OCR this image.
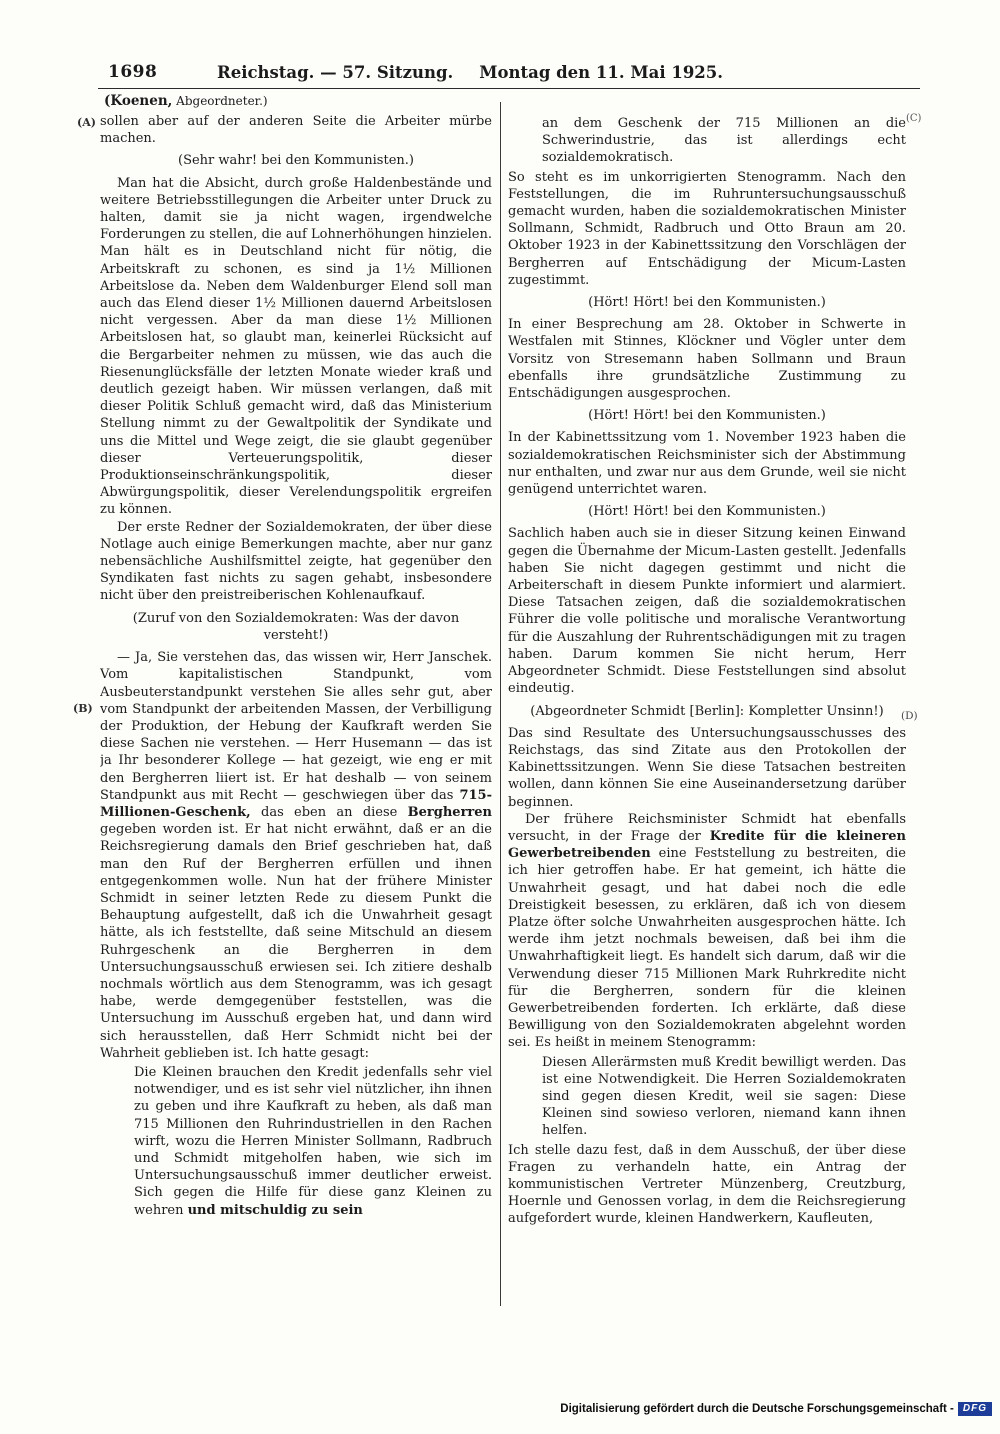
1698	Reichstag. — 57. Sitzung. Montag den 11. Mai 1925.
(Koenen, Abgeordneter.)
(A)
(B)
(C)
(D)

sollen aber auf der anderen Seite die Arbeiter mürbe machen.

(Sehr wahr! bei den Kommunisten.)

Man hat die Absicht, durch große Haldenbestände und weitere Betriebsstillegungen die Arbeiter unter Druck zu halten, damit sie ja nicht wagen, irgendwelche Forderungen zu stellen, die auf Lohnerhöhungen hinzielen. Man hält es in Deutschland nicht für nötig, die Arbeitskraft zu schonen, es sind ja 1½ Millionen Arbeitslose da. Neben dem Waldenburger Elend soll man auch das Elend dieser 1½ Millionen dauernd Arbeitslosen nicht vergessen. Aber da man diese 1½ Millionen Arbeitslosen hat, so glaubt man, keinerlei Rücksicht auf die Bergarbeiter nehmen zu müssen, wie das auch die Riesenunglücksfälle der letzten Monate wieder kraß und deutlich gezeigt haben. Wir müssen verlangen, daß mit dieser Politik Schluß gemacht wird, daß das Ministerium Stellung nimmt zu der Gewaltpolitik der Syndikate und uns die Mittel und Wege zeigt, die sie glaubt gegenüber dieser Verteuerungspolitik, dieser Produktionseinschränkungspolitik, dieser Abwürgungspolitik, dieser Verelendungspolitik ergreifen zu können.

Der erste Redner der Sozialdemokraten, der über diese Notlage auch einige Bemerkungen machte, aber nur ganz nebensächliche Aushilfsmittel zeigte, hat gegenüber den Syndikaten fast nichts zu sagen gehabt, insbesondere nicht über den preistreiberischen Kohlenaufkauf.

(Zuruf von den Sozialdemokraten: Was der davon versteht!)

— Ja, Sie verstehen das, das wissen wir, Herr Janschek. Vom kapitalistischen Standpunkt, vom Ausbeuterstandpunkt verstehen Sie alles sehr gut, aber vom Standpunkt der arbeitenden Massen, der Verbilligung der Produktion, der Hebung der Kaufkraft werden Sie diese Sachen nie verstehen. — Herr Husemann — das ist ja Ihr besonderer Kollege — hat gezeigt, wie eng er mit den Bergherren liiert ist. Er hat deshalb — von seinem Standpunkt aus mit Recht — geschwiegen über das 715-Millionen-Geschenk, das eben an diese Bergherren gegeben worden ist. Er hat nicht erwähnt, daß er an die Reichsregierung damals den Brief geschrieben hat, daß man den Ruf der Bergherren erfüllen und ihnen entgegenkommen wolle. Nun hat der frühere Minister Schmidt in seiner letzten Rede zu diesem Punkt die Behauptung aufgestellt, daß ich die Unwahrheit gesagt hätte, als ich feststellte, daß seine Mitschuld an diesem Ruhrgeschenk an die Bergherren in dem Untersuchungsausschuß erwiesen sei. Ich zitiere deshalb nochmals wörtlich aus dem Stenogramm, was ich gesagt habe, werde demgegenüber feststellen, was die Untersuchung im Ausschuß ergeben hat, und dann wird sich herausstellen, daß Herr Schmidt nicht bei der Wahrheit geblieben ist. Ich hatte gesagt:

Die Kleinen brauchen den Kredit jedenfalls sehr viel notwendiger, und es ist sehr viel nützlicher, ihn ihnen zu geben und ihre Kaufkraft zu heben, als daß man 715 Millionen den Ruhrindustriellen in den Rachen wirft, wozu die Herren Minister Sollmann, Radbruch und Schmidt mitgeholfen haben, wie sich im Untersuchungsausschuß immer deutlicher erweist. Sich gegen die Hilfe für diese ganz Kleinen zu wehren und mitschuldig zu sein

an dem Geschenk der 715 Millionen an die Schwerindustrie, das ist allerdings echt sozialdemokratisch.

So steht es im unkorrigierten Stenogramm. Nach den Feststellungen, die im Ruhruntersuchungsausschuß gemacht wurden, haben die sozialdemokratischen Minister Sollmann, Schmidt, Radbruch und Otto Braun am 20. Oktober 1923 in der Kabinettssitzung den Vorschlägen der Bergherren auf Entschädigung der Micum-Lasten zugestimmt.

(Hört! Hört! bei den Kommunisten.)

In einer Besprechung am 28. Oktober in Schwerte in Westfalen mit Stinnes, Klöckner und Vögler unter dem Vorsitz von Stresemann haben Sollmann und Braun ebenfalls ihre grundsätzliche Zustimmung zu Entschädigungen ausgesprochen.

(Hört! Hört! bei den Kommunisten.)

In der Kabinettssitzung vom 1. November 1923 haben die sozialdemokratischen Reichsminister sich der Abstimmung nur enthalten, und zwar nur aus dem Grunde, weil sie nicht genügend unterrichtet waren.

(Hört! Hört! bei den Kommunisten.)

Sachlich haben auch sie in dieser Sitzung keinen Einwand gegen die Übernahme der Micum-Lasten gestellt. Jedenfalls haben Sie nicht dagegen gestimmt und nicht die Arbeiterschaft in diesem Punkte informiert und alarmiert. Diese Tatsachen zeigen, daß die sozialdemokratischen Führer die volle politische und moralische Verantwortung für die Auszahlung der Ruhrentschädigungen mit zu tragen haben. Darum kommen Sie nicht herum, Herr Abgeordneter Schmidt. Diese Feststellungen sind absolut eindeutig.

(Abgeordneter Schmidt [Berlin]: Kompletter Unsinn!)

Das sind Resultate des Untersuchungsausschusses des Reichstags, das sind Zitate aus den Protokollen der Kabinettssitzungen. Wenn Sie diese Tatsachen bestreiten wollen, dann können Sie eine Auseinandersetzung darüber beginnen.

Der frühere Reichsminister Schmidt hat ebenfalls versucht, in der Frage der Kredite für die kleineren Gewerbetreibenden eine Feststellung zu bestreiten, die ich hier getroffen habe. Er hat gemeint, ich hätte die Unwahrheit gesagt, und hat dabei noch die edle Dreistigkeit besessen, zu erklären, daß ich von diesem Platze öfter solche Unwahrheiten ausgesprochen hätte. Ich werde ihm jetzt nochmals beweisen, daß bei ihm die Unwahrhaftigkeit liegt. Es handelt sich darum, daß wir die Verwendung dieser 715 Millionen Mark Ruhrkredite nicht für die Bergherren, sondern für die kleinen Gewerbetreibenden forderten. Ich erklärte, daß diese Bewilligung von den Sozialdemokraten abgelehnt worden sei. Es heißt in meinem Stenogramm:

Diesen Allerärmsten muß Kredit bewilligt werden. Das ist eine Notwendigkeit. Die Herren Sozialdemokraten sind gegen diesen Kredit, weil sie sagen: Diese Kleinen sind sowieso verloren, niemand kann ihnen helfen.

Ich stelle dazu fest, daß in dem Ausschuß, der über diese Fragen zu verhandeln hatte, ein Antrag der kommunistischen Vertreter Münzenberg, Creutzburg, Hoernle und Genossen vorlag, in dem die Reichsregierung aufgefordert wurde, kleinen Handwerkern, Kaufleuten,

Digitalisierung gefördert durch die Deutsche Forschungsgemeinschaft - DFG
